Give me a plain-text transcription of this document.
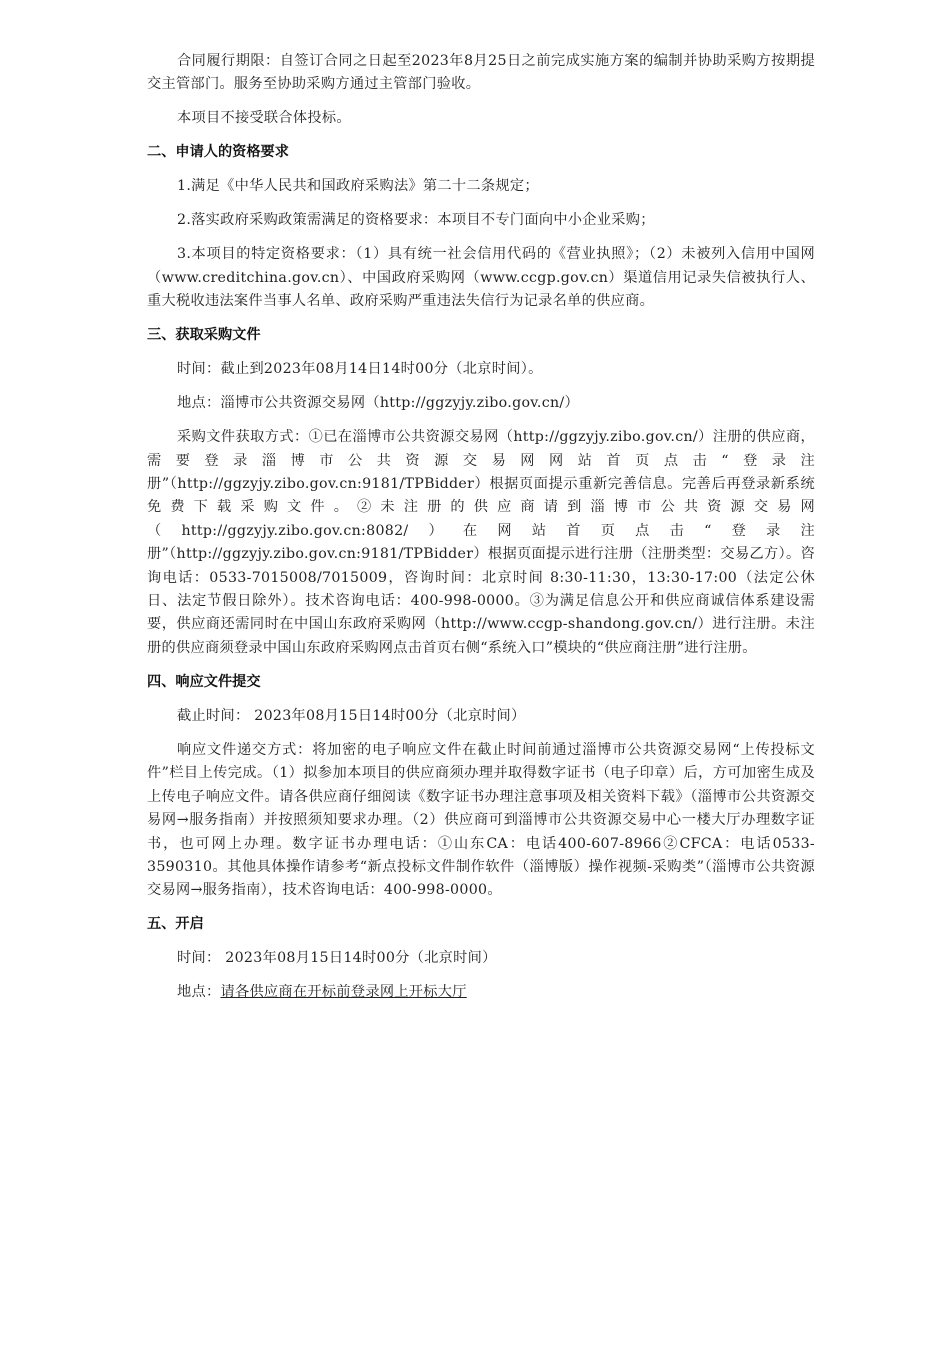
合同履行期限：自签订合同之日起至2023年8月25日之前完成实施方案的编制并协助采购方按期提交主管部门。服务至协助采购方通过主管部门验收。

本项目不接受联合体投标。

二、申请人的资格要求

1.满足《中华人民共和国政府采购法》第二十二条规定；

2.落实政府采购政策需满足的资格要求：本项目不专门面向中小企业采购；

3.本项目的特定资格要求：（1）具有统一社会信用代码的《营业执照》；（2）未被列入信用中国网（www.creditchina.gov.cn）、中国政府采购网（www.ccgp.gov.cn）渠道信用记录失信被执行人、重大税收违法案件当事人名单、政府采购严重违法失信行为记录名单的供应商。

三、获取采购文件

时间：截止到2023年08月14日14时00分（北京时间）。

地点：淄博市公共资源交易网（http://ggzyjy.zibo.gov.cn/）

采购文件获取方式：①已在淄博市公共资源交易网（http://ggzyjy.zibo.gov.cn/）注册的供应商，需要登录淄博市公共资源交易网网站首页点击“登录注册”（http://ggzyjy.zibo.gov.cn:9181/TPBidder）根据页面提示重新完善信息。完善后再登录新系统免费下载采购文件。②未注册的供应商请到淄博市公共资源交易网（http://ggzyjy.zibo.gov.cn:8082/）在网站首页点击“登录注册”（http://ggzyjy.zibo.gov.cn:9181/TPBidder）根据页面提示进行注册（注册类型：交易乙方）。咨询电话：0533-7015008/7015009，咨询时间：北京时间 8:30-11:30，13:30-17:00（法定公休日、法定节假日除外）。技术咨询电话：400-998-0000。③为满足信息公开和供应商诚信体系建设需要，供应商还需同时在中国山东政府采购网（http://www.ccgp-shandong.gov.cn/）进行注册。未注册的供应商须登录中国山东政府采购网点击首页右侧“系统入口”模块的“供应商注册”进行注册。

四、响应文件提交

截止时间： 2023年08月15日14时00分（北京时间）

响应文件递交方式：将加密的电子响应文件在截止时间前通过淄博市公共资源交易网“上传投标文件”栏目上传完成。（1）拟参加本项目的供应商须办理并取得数字证书（电子印章）后，方可加密生成及上传电子响应文件。请各供应商仔细阅读《数字证书办理注意事项及相关资料下载》（淄博市公共资源交易网→服务指南）并按照须知要求办理。（2）供应商可到淄博市公共资源交易中心一楼大厅办理数字证书，也可网上办理。数字证书办理电话：①山东CA：电话400-607-8966②CFCA：电话0533-3590310。其他具体操作请参考“新点投标文件制作软件（淄博版）操作视频-采购类”（淄博市公共资源交易网→服务指南），技术咨询电话：400-998-0000。

五、开启

时间： 2023年08月15日14时00分（北京时间）

地点：请各供应商在开标前登录网上开标大厅
